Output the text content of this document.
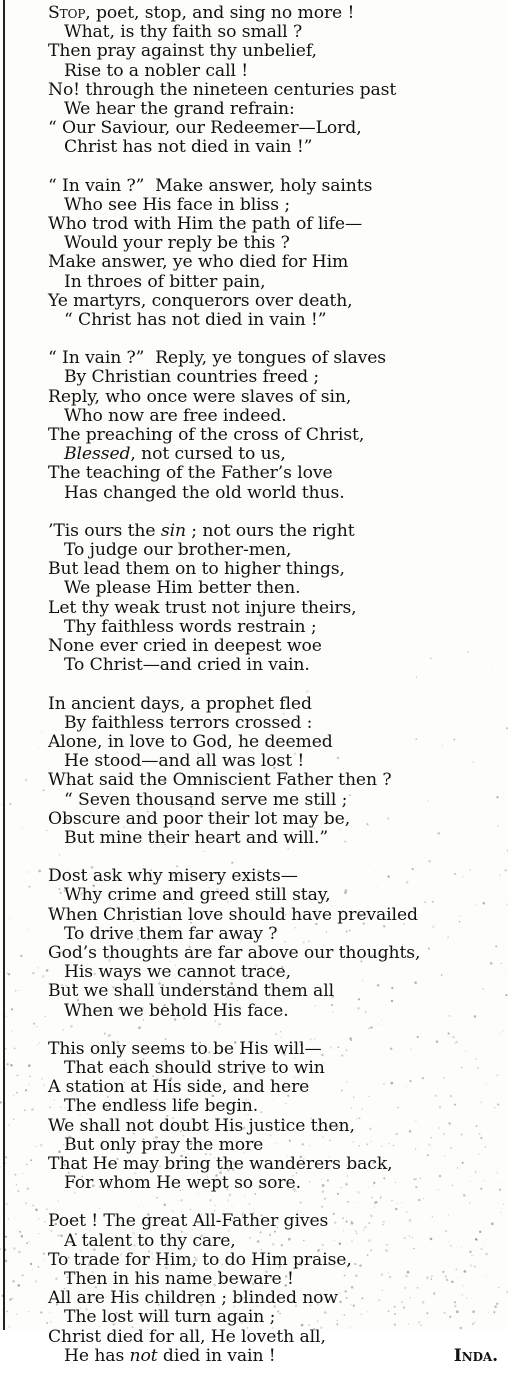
Stop, poet, stop, and sing no more !
What, is thy faith so small ?
Then pray against thy unbelief,
Rise to a nobler call !
No! through the nineteen centuries past
We hear the grand refrain:
“ Our Saviour, our Redeemer—Lord,
Christ has not died in vain !”
“ In vain ?”  Make answer, holy saints
Who see His face in bliss ;
Who trod with Him the path of life—
Would your reply be this ?
Make answer, ye who died for Him
In throes of bitter pain,
Ye martyrs, conquerors over death,
“ Christ has not died in vain !”
“ In vain ?”  Reply, ye tongues of slaves
By Christian countries freed ;
Reply, who once were slaves of sin,
Who now are free indeed.
The preaching of the cross of Christ,
Blessed, not cursed to us,
The teaching of the Father’s love
Has changed the old world thus.
’Tis ours the sin ; not ours the right
To judge our brother-men,
But lead them on to higher things,
We please Him better then.
Let thy weak trust not injure theirs,
Thy faithless words restrain ;
None ever cried in deepest woe
To Christ—and cried in vain.
In ancient days, a prophet fled
By faithless terrors crossed :
Alone, in love to God, he deemed
He stood—and all was lost !
What said the Omniscient Father then ?
“ Seven thousand serve me still ;
Obscure and poor their lot may be,
But mine their heart and will.”
Dost ask why misery exists—
Why crime and greed still stay,
When Christian love should have prevailed
To drive them far away ?
God’s thoughts are far above our thoughts,
His ways we cannot trace,
But we shall understand them all
When we behold His face.
This only seems to be His will—
That each should strive to win
A station at His side, and here
The endless life begin.
We shall not doubt His justice then,
But only pray the more
That He may bring the wanderers back,
For whom He wept so sore.
Poet ! The great All-Father gives
A talent to thy care,
To trade for Him, to do Him praise,
Then in his name beware !
All are His children ; blinded now
The lost will turn again ;
Christ died for all, He loveth all,
He has not died in vain !	Inda.
